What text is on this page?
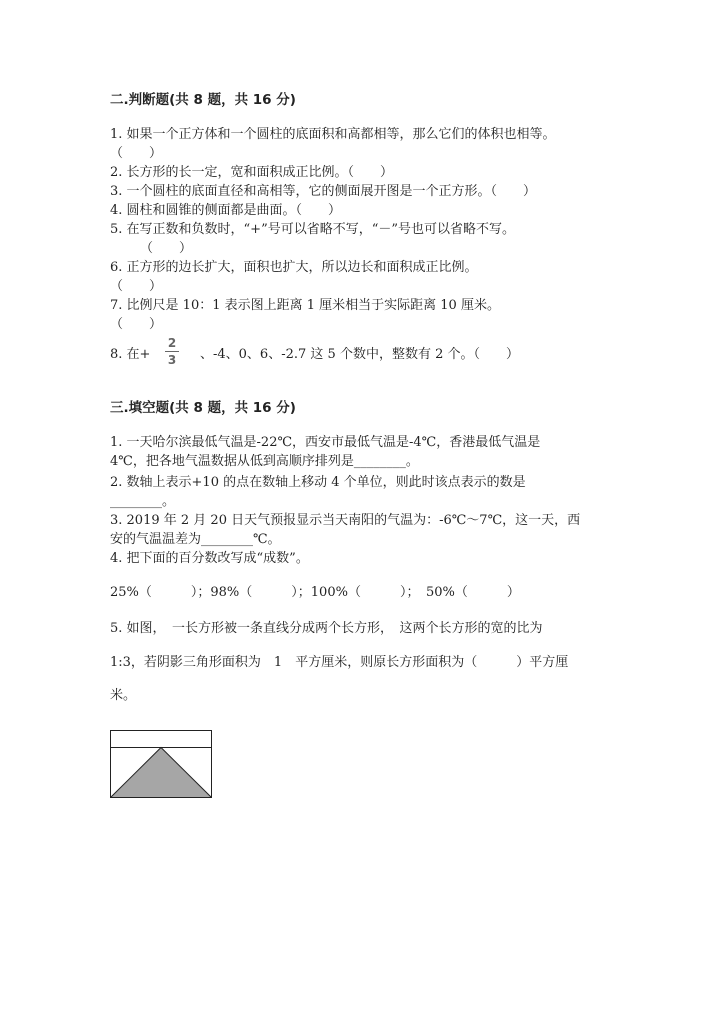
二.判断题(共 8 题，共 16 分)
1. 如果一个正方体和一个圆柱的底面积和高都相等，那么它们的体积也相等。
（　　）
2. 长方形的长一定，宽和面积成正比例。（　　）
3. 一个圆柱的底面直径和高相等，它的侧面展开图是一个正方形。（　　）
4. 圆柱和圆锥的侧面都是曲面。（　　）
5. 在写正数和负数时，“+”号可以省略不写，“－”号也可以省略不写。
（　　）
6. 正方形的边长扩大，面积也扩大，所以边长和面积成正比例。
（　　）
7. 比例尺是 10：1 表示图上距离 1 厘米相当于实际距离 10 厘米。
（　　）
8. 在+
2
3 、-4、0、6、-2.7 这 5 个数中，整数有 2 个。（　　）
三.填空题(共 8 题，共 16 分)
1. 一天哈尔滨最低气温是-22℃，西安市最低气温是-4℃，香港最低气温是
4℃，把各地气温数据从低到高顺序排列是________。
2. 数轴上表示+10 的点在数轴上移动 4 个单位，则此时该点表示的数是
________。
3. 2019 年 2 月 20 日天气预报显示当天南阳的气温为：-6℃～7℃，这一天，西
安的气温温差为________℃。
4. 把下面的百分数改写成“成数”。
25%（　　　）；98%（　　　）；100%（　　　）；　50%（　　　）
5. 如图，　一长方形被一条直线分成两个长方形，　这两个长方形的宽的比为
1:3，若阴影三角形面积为　1　平方厘米，则原长方形面积为（　　　）平方厘
米。
